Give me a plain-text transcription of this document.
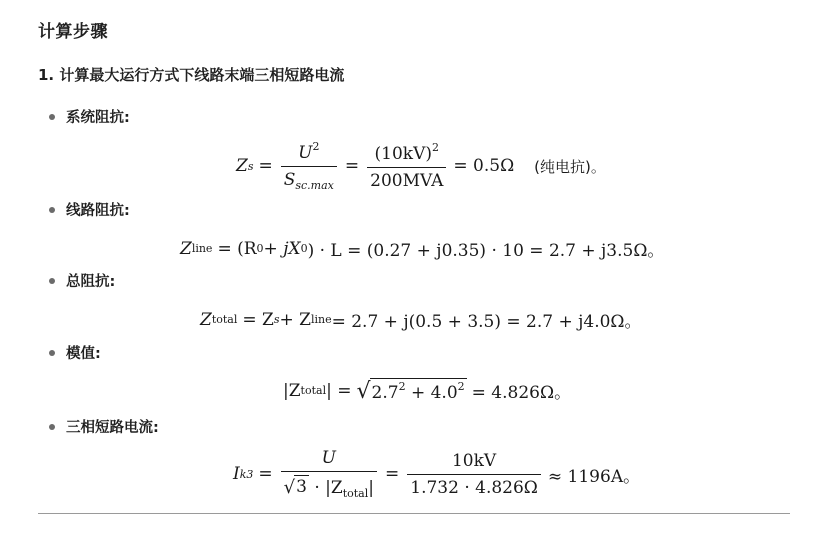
计算步骤
1. 计算最大运行方式下线路末端三相短路电流
系统阻抗:
Z $s = \frac{U^2}{S_{sc.max}} = \frac{(10kV)^2}{\text{200MVA}} = 0.5\Omega$ (纯电抗)。
线路阻抗:
Z line = (R 0 + jX 0 ) · L = (0.27 + j0.35) · 10 = 2.7 + j3.5Ω。
总阻抗:
Z total = Z s + Z line = 2.7 + j(0.5 + 3.5) = 2.7 + j4.0Ω。
模值:
|Z total | = √ $2.7^2 + 4.0^2 = 4.826\Omega$。
三相短路电流:
I $k3 = \frac{U}{√ 3 \cdot |Z_{total}|} = \frac{10kV}{1.732 \cdot 4.826\Omega} \approx 1196A$。
